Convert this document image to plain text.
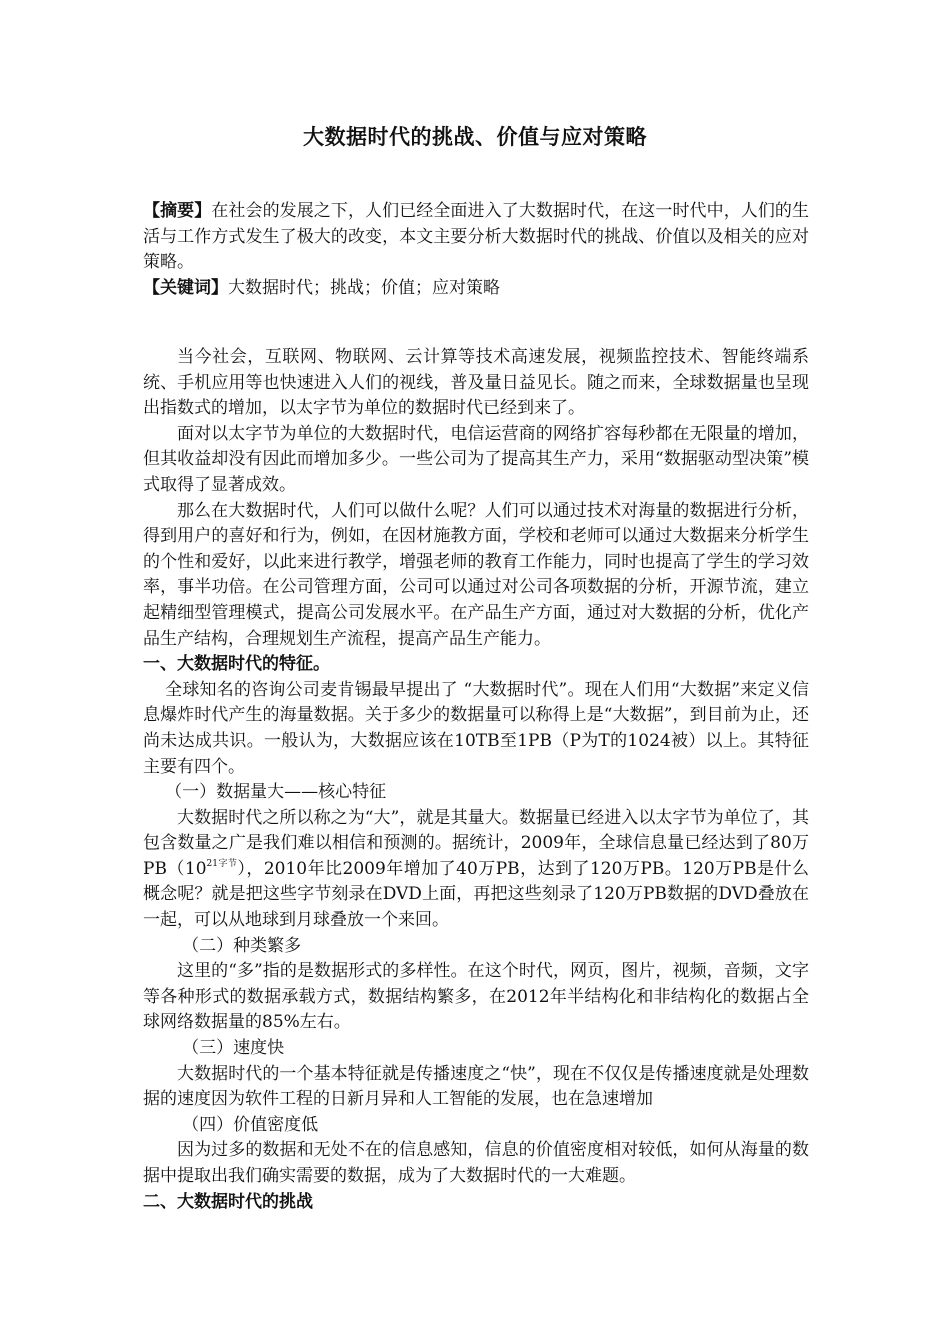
大数据时代的挑战、价值与应对策略

【摘要】在社会的发展之下，人们已经全面进入了大数据时代，在这一时代中，人们的生活与工作方式发生了极大的改变，本文主要分析大数据时代的挑战、价值以及相关的应对策略。

【关键词】大数据时代；挑战；价值；应对策略

当今社会，互联网、物联网、云计算等技术高速发展，视频监控技术、智能终端系统、手机应用等也快速进入人们的视线，普及量日益见长。随之而来，全球数据量也呈现出指数式的增加，以太字节为单位的数据时代已经到来了。

面对以太字节为单位的大数据时代，电信运营商的网络扩容每秒都在无限量的增加，但其收益却没有因此而增加多少。一些公司为了提高其生产力，采用“数据驱动型决策”模式取得了显著成效。

那么在大数据时代，人们可以做什么呢？人们可以通过技术对海量的数据进行分析，得到用户的喜好和行为，例如，在因材施教方面，学校和老师可以通过大数据来分析学生的个性和爱好，以此来进行教学，增强老师的教育工作能力，同时也提高了学生的学习效率，事半功倍。在公司管理方面，公司可以通过对公司各项数据的分析，开源节流，建立起精细型管理模式，提高公司发展水平。在产品生产方面，通过对大数据的分析，优化产品生产结构，合理规划生产流程，提高产品生产能力。

一、大数据时代的特征。

全球知名的咨询公司麦肯锡最早提出了 “大数据时代”。现在人们用“大数据”来定义信息爆炸时代产生的海量数据。关于多少的数据量可以称得上是“大数据”，到目前为止，还尚未达成共识。一般认为，大数据应该在10TB至1PB（P为T的1024被）以上。其特征主要有四个。

（一）数据量大——核心特征

大数据时代之所以称之为“大”，就是其量大。数据量已经进入以太字节为单位了，其包含数量之广是我们难以相信和预测的。据统计，2009年，全球信息量已经达到了80万$PB(10^{21字节})$，2010年比2009年增加了40万PB，达到了120万PB。120万PB是什么概念呢？就是把这些字节刻录在DVD上面，再把这些刻录了120万PB数据的DVD叠放在一起，可以从地球到月球叠放一个来回。

（二）种类繁多

这里的“多”指的是数据形式的多样性。在这个时代，网页，图片，视频，音频，文字等各种形式的数据承载方式，数据结构繁多，在2012年半结构化和非结构化的数据占全球网络数据量的85%左右。

（三）速度快

大数据时代的一个基本特征就是传播速度之“快”，现在不仅仅是传播速度就是处理数据的速度因为软件工程的日新月异和人工智能的发展，也在急速增加

（四）价值密度低

因为过多的数据和无处不在的信息感知，信息的价值密度相对较低，如何从海量的数据中提取出我们确实需要的数据，成为了大数据时代的一大难题。

二、大数据时代的挑战
